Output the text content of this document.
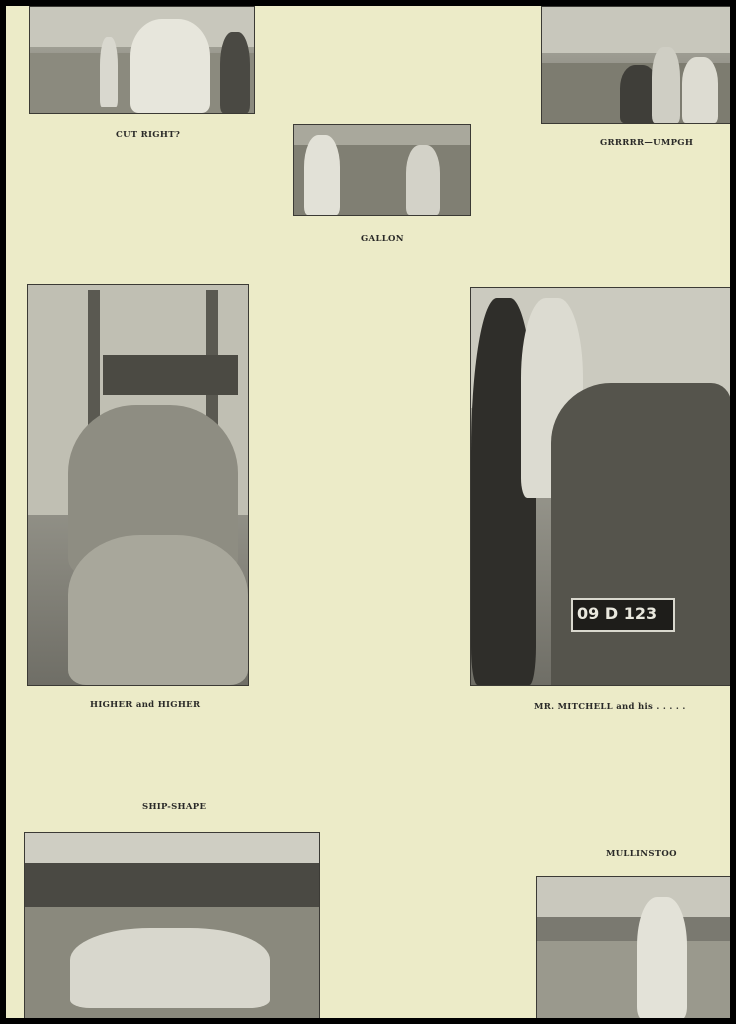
CUT RIGHT?
GRRRRR—UMPGH
GALLON
HIGHER and HIGHER
09 D 123
MR. MITCHELL and his . . . . .
SHIP-SHAPE
MULLINSTOO
